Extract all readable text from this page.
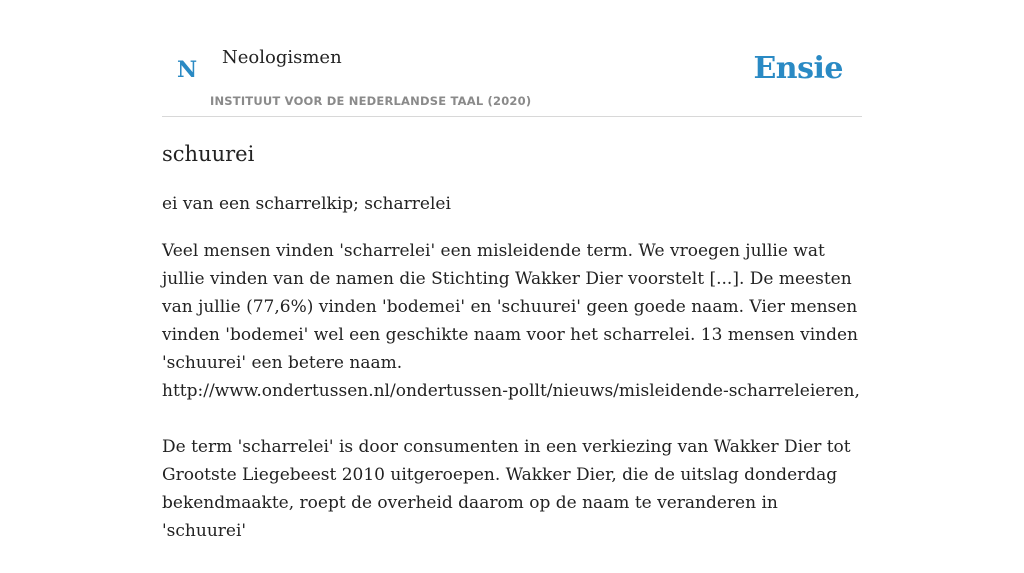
N Neologismen
INSTITUUT VOOR DE NEDERLANDSE TAAL (2020)
Ensie
schuurei

ei van een scharrelkip; scharrelei

Veel mensen vinden 'scharrelei' een misleidende term. We vroegen jullie wat jullie vinden van de namen die Stichting Wakker Dier voorstelt [...]. De meesten van jullie (77,6%) vinden 'bodemei' en 'schuurei' geen goede naam. Vier mensen vinden 'bodemei' wel een geschikte naam voor het scharrelei. 13 mensen vinden 'schuurei' een betere naam.
http://www.ondertussen.nl/ondertussen-pollt/nieuws/misleidende-scharreleieren,

De term 'scharrelei' is door consumenten in een verkiezing van Wakker Dier tot Grootste Liegebeest 2010 uitgeroepen. Wakker Dier, die de uitslag donderdag bekendmaakte, roept de overheid daarom op de naam te veranderen in 'schuurei'
